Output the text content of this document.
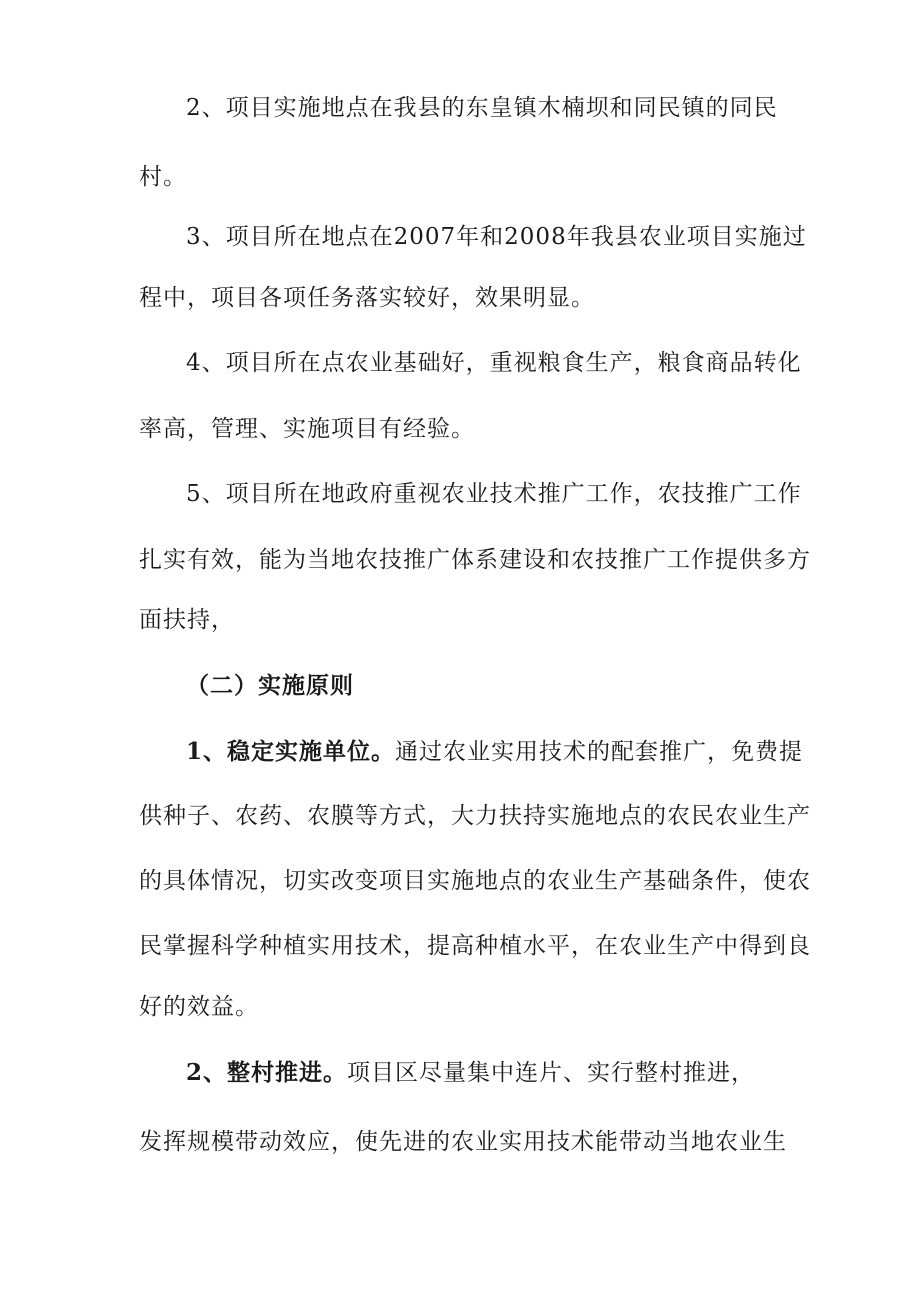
2、项目实施地点在我县的东皇镇木楠坝和同民镇的同民
村。
3、项目所在地点在2007年和2008年我县农业项目实施过
程中，项目各项任务落实较好，效果明显。
4、项目所在点农业基础好，重视粮食生产，粮食商品转化
率高，管理、实施项目有经验。
5、项目所在地政府重视农业技术推广工作，农技推广工作
扎实有效，能为当地农技推广体系建设和农技推广工作提供多方
面扶持，
（二）实施原则
1、稳定实施单位。通过农业实用技术的配套推广，免费提
供种子、农药、农膜等方式，大力扶持实施地点的农民农业生产
的具体情况，切实改变项目实施地点的农业生产基础条件，使农
民掌握科学种植实用技术，提高种植水平，在农业生产中得到良
好的效益。
2、整村推进。项目区尽量集中连片、实行整村推进，
发挥规模带动效应，使先进的农业实用技术能带动当地农业生
